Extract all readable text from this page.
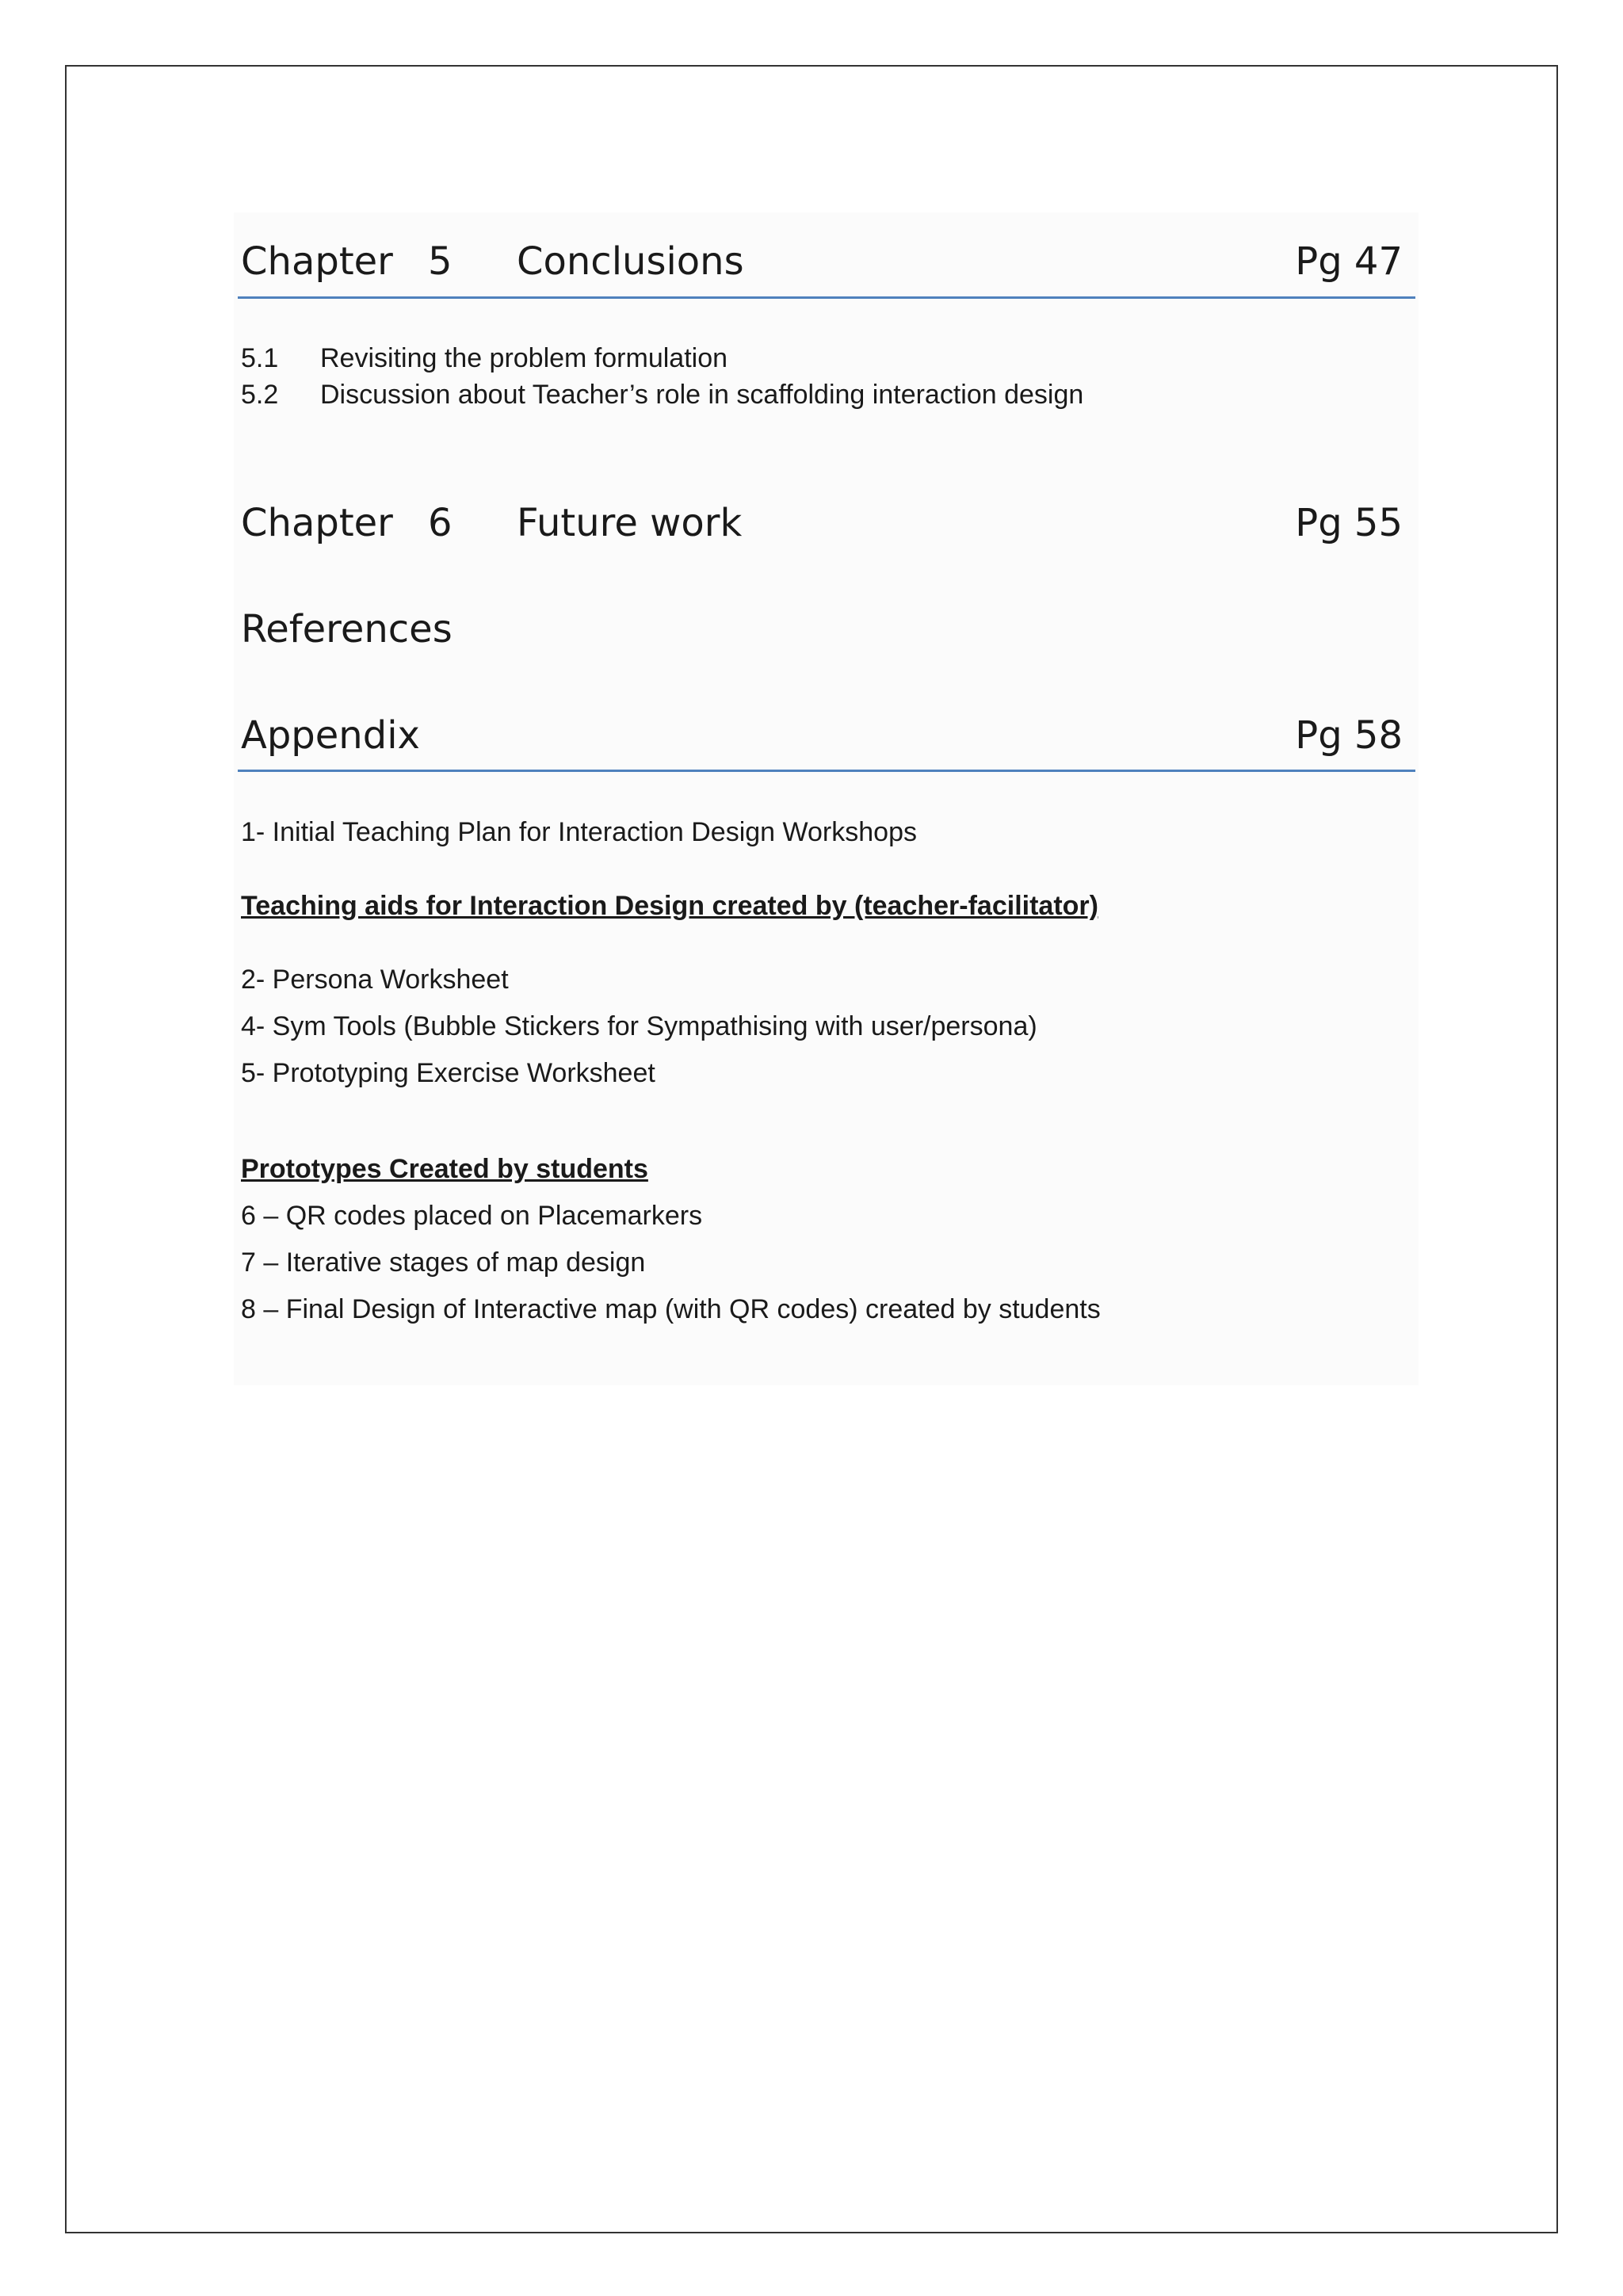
Chapter 5 Conclusions	Pg 47
5.1 Revisiting the problem formulation
5.2 Discussion about Teacher’s role in scaffolding interaction design
Chapter 6 Future work	Pg 55
References
Appendix	Pg 58
1- Initial Teaching Plan for Interaction Design Workshops
Teaching aids for Interaction Design created by (teacher-facilitator)
2- Persona Worksheet
4- Sym Tools (Bubble Stickers for Sympathising with user/persona)
5- Prototyping Exercise Worksheet
Prototypes Created by students
6 – QR codes placed on Placemarkers
7 – Iterative stages of map design
8 – Final Design of Interactive map (with QR codes) created by students
